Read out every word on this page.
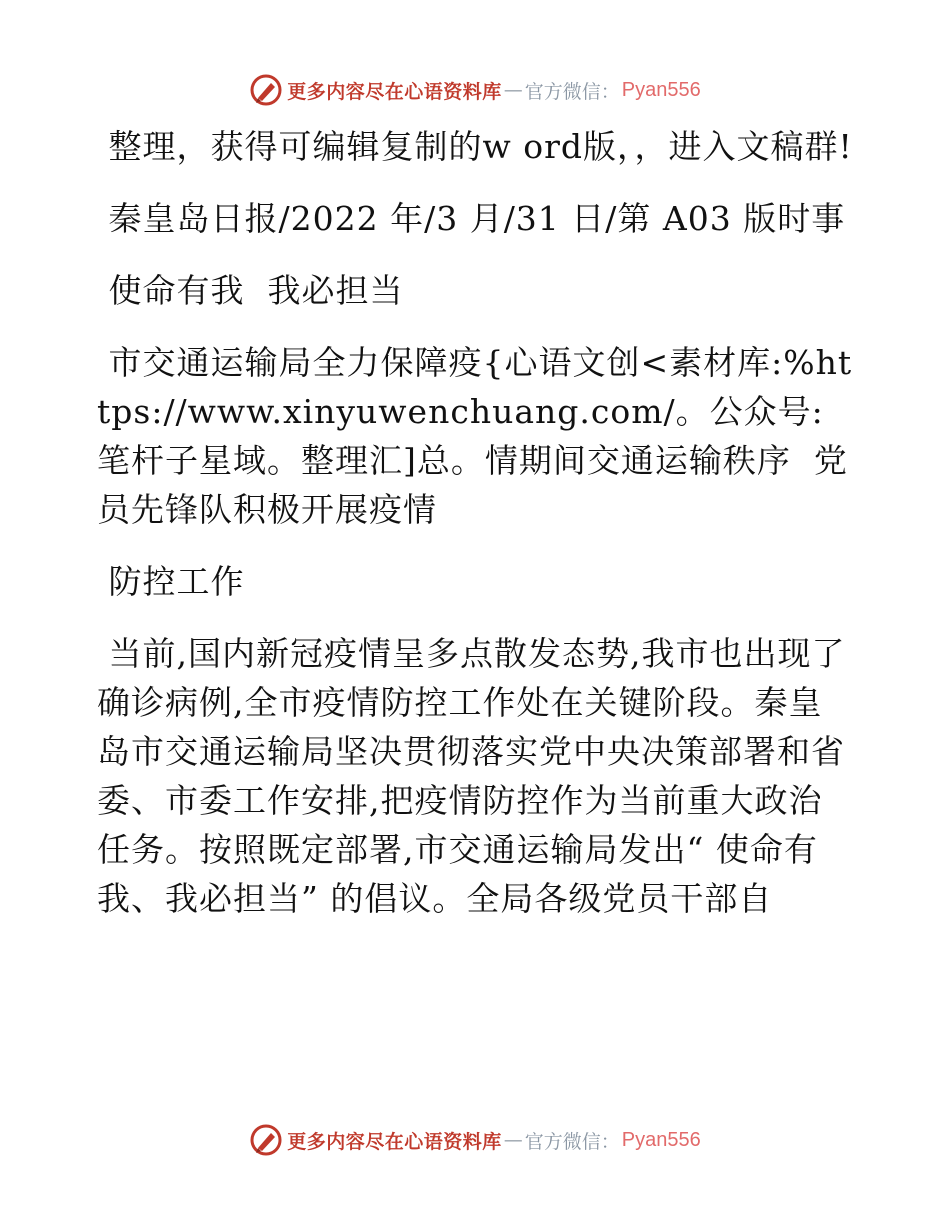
更多内容尽在心语资料库 — 官方微信： Pyan556

整理，获得可编辑复制的w ord版，，进入文稿群!

秦皇岛日报/2022 年/3 月/31 日/第 A03 版时事

使命有我  我必担当

市交通运输局全力保障疫{心语文创<素材库:%https://www.xinyuwenchuang.com/。公众号: 笔杆子星域。整理汇]总。情期间交通运输秩序  党员先锋队积极开展疫情

防控工作

当前,国内新冠疫情呈多点散发态势,我市也出现了确诊病例,全市疫情防控工作处在关键阶段。秦皇岛市交通运输局坚决贯彻落实党中央决策部署和省委、市委工作安排,把疫情防控作为当前重大政治任务。按照既定部署,市交通运输局发出“ 使命有我、我必担当” 的倡议。全局各级党员干部自

更多内容尽在心语资料库 — 官方微信： Pyan556
